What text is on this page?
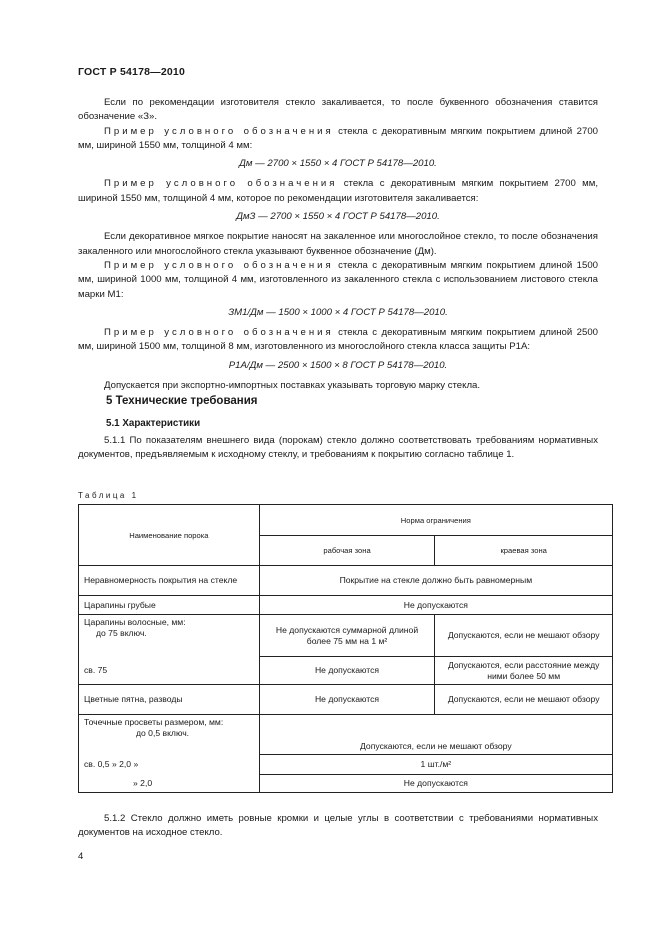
ГОСТ Р 54178—2010

Если по рекомендации изготовителя стекло закаливается, то после буквенного обозначения ставится обозначение «З».

Пример условного обозначения стекла с декоративным мягким покрытием длиной 2700 мм, шириной 1550 мм, толщиной 4 мм:

Дм — 2700 × 1550 × 4 ГОСТ Р 54178—2010.

Пример условного обозначения стекла с декоративным мягким покрытием 2700 мм, шириной 1550 мм, толщиной 4 мм, которое по рекомендации изготовителя закаливается:

ДмЗ — 2700 × 1550 × 4 ГОСТ Р 54178—2010.

Если декоративное мягкое покрытие наносят на закаленное или многослойное стекло, то после обозначения закаленного или многослойного стекла указывают буквенное обозначение (Дм).

Пример условного обозначения стекла с декоративным мягким покрытием длиной 1500 мм, шириной 1000 мм, толщиной 4 мм, изготовленного из закаленного стекла с использованием листового стекла марки М1:

ЗМ1/Дм — 1500 × 1000 × 4 ГОСТ Р 54178—2010.

Пример условного обозначения стекла с декоративным мягким покрытием длиной 2500 мм, шириной 1500 мм, толщиной 8 мм, изготовленного из многослойного стекла класса защиты Р1А:

Р1А/Дм — 2500 × 1500 × 8 ГОСТ Р 54178—2010.

Допускается при экспортно-импортных поставках указывать торговую марку стекла.

5 Технические требования
5.1 Характеристики

5.1.1 По показателям внешнего вида (порокам) стекло должно соответствовать требованиям нормативных документов, предъявляемым к исходному стеклу, и требованиям к покрытию согласно таблице 1.

Таблица 1
Наименование порока	Норма ограничения	
	рабочая зона	краевая зона
Неравномерность покрытия на стекле	Покрытие на стекле должно быть равномерным	
Царапины грубые	Не допускаются	

Царапины волосные, мм:
до 75 включ.	Не допускаются суммарной длиной более 75 мм на 1 м²	Допускаются, если не мешают обзору
св. 75	Не допускаются	Допускаются, если расстояние между ними более 50 мм
Цветные пятна, разводы	Не допускаются	Допускаются, если не мешают обзору

Точечные просветы размером, мм:
до 0,5 включ.	Допускаются, если не мешают обзору	
св. 0,5 » 2,0 »	1 шт./м²	
» 2,0	Не допускаются	

5.1.2 Стекло должно иметь ровные кромки и целые углы в соответствии с требованиями нормативных документов на исходное стекло.

4
